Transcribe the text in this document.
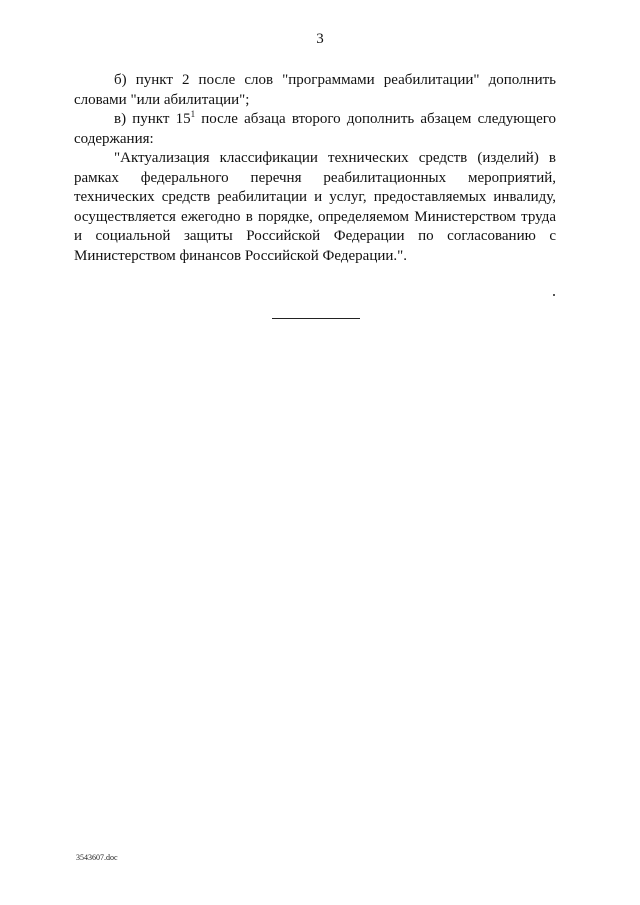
3

б) пункт 2 после слов "программами реабилитации" дополнить словами "или абилитации";

в) пункт $15^1$ после абзаца второго дополнить абзацем следующего содержания:

"Актуализация классификации технических средств (изделий) в рамках федерального перечня реабилитационных мероприятий, технических средств реабилитации и услуг, предоставляемых инвалиду, осуществляется ежегодно в порядке, определяемом Министерством труда и социальной защиты Российской Федерации по согласованию с Министерством финансов Российской Федерации.".

3543607.doc
